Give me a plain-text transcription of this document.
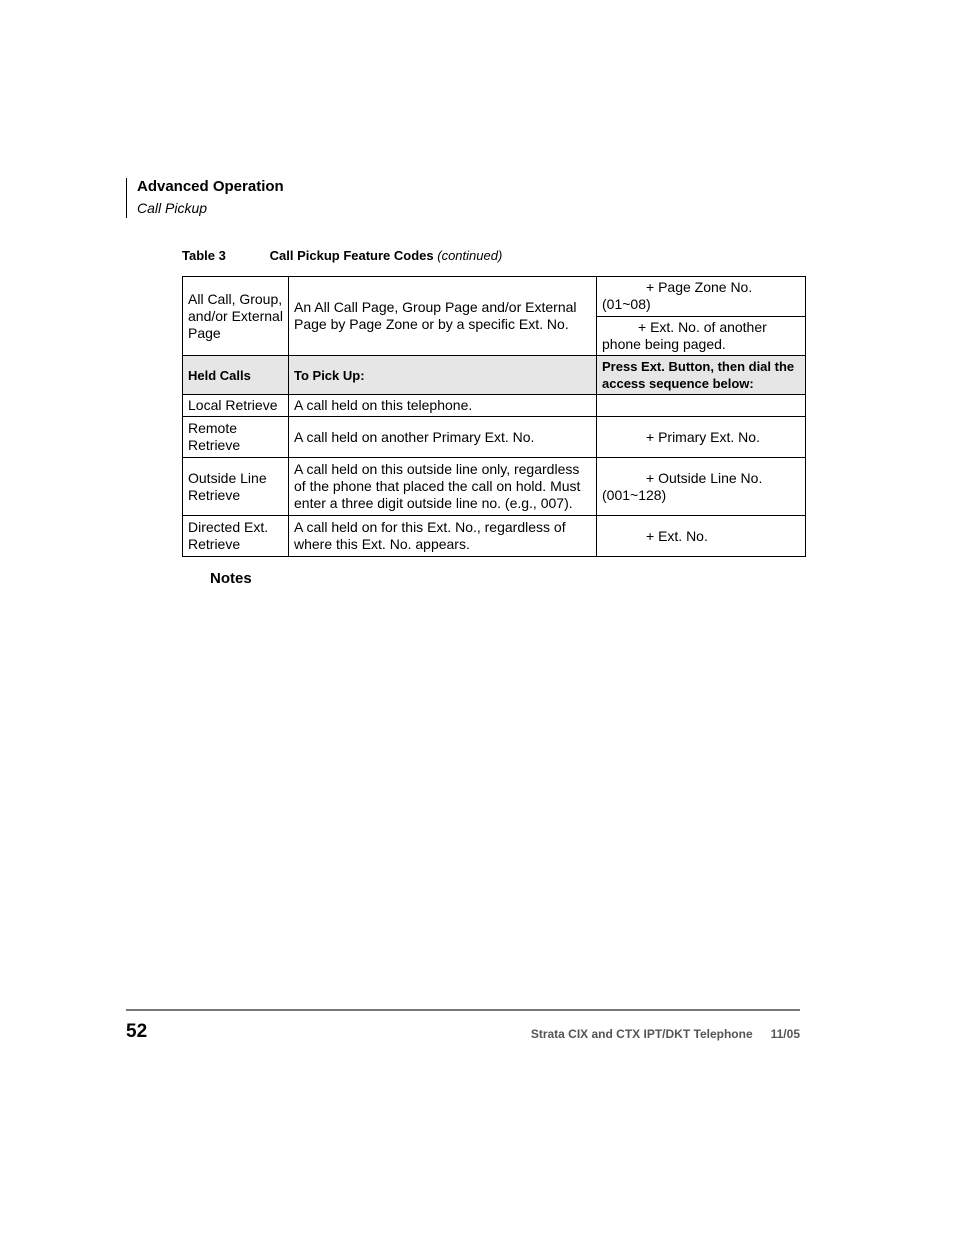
Advanced Operation
Call Pickup
Table 3	Call Pickup Feature Codes (continued)
All Call, Group, and/or External Page	An All Call Page, Group Page and/or External Page by Page Zone or by a specific Ext. No.	+ Page Zone No.
(01~08)
		+ Ext. No. of another
phone being paged.
Held Calls	To Pick Up:	Press Ext. Button, then dial the access sequence below:
Local Retrieve	A call held on this telephone.	
Remote Retrieve	A call held on another Primary Ext. No.	+ Primary Ext. No.
Outside Line Retrieve	A call held on this outside line only, regardless of the phone that placed the call on hold. Must enter a three digit outside line no. (e.g., 007).	+ Outside Line No.
(001~128)
Directed Ext. Retrieve	A call held on for this Ext. No., regardless of where this Ext. No. appears.	+ Ext. No.
Notes
52	Strata CIX and CTX IPT/DKT Telephone 11/05
